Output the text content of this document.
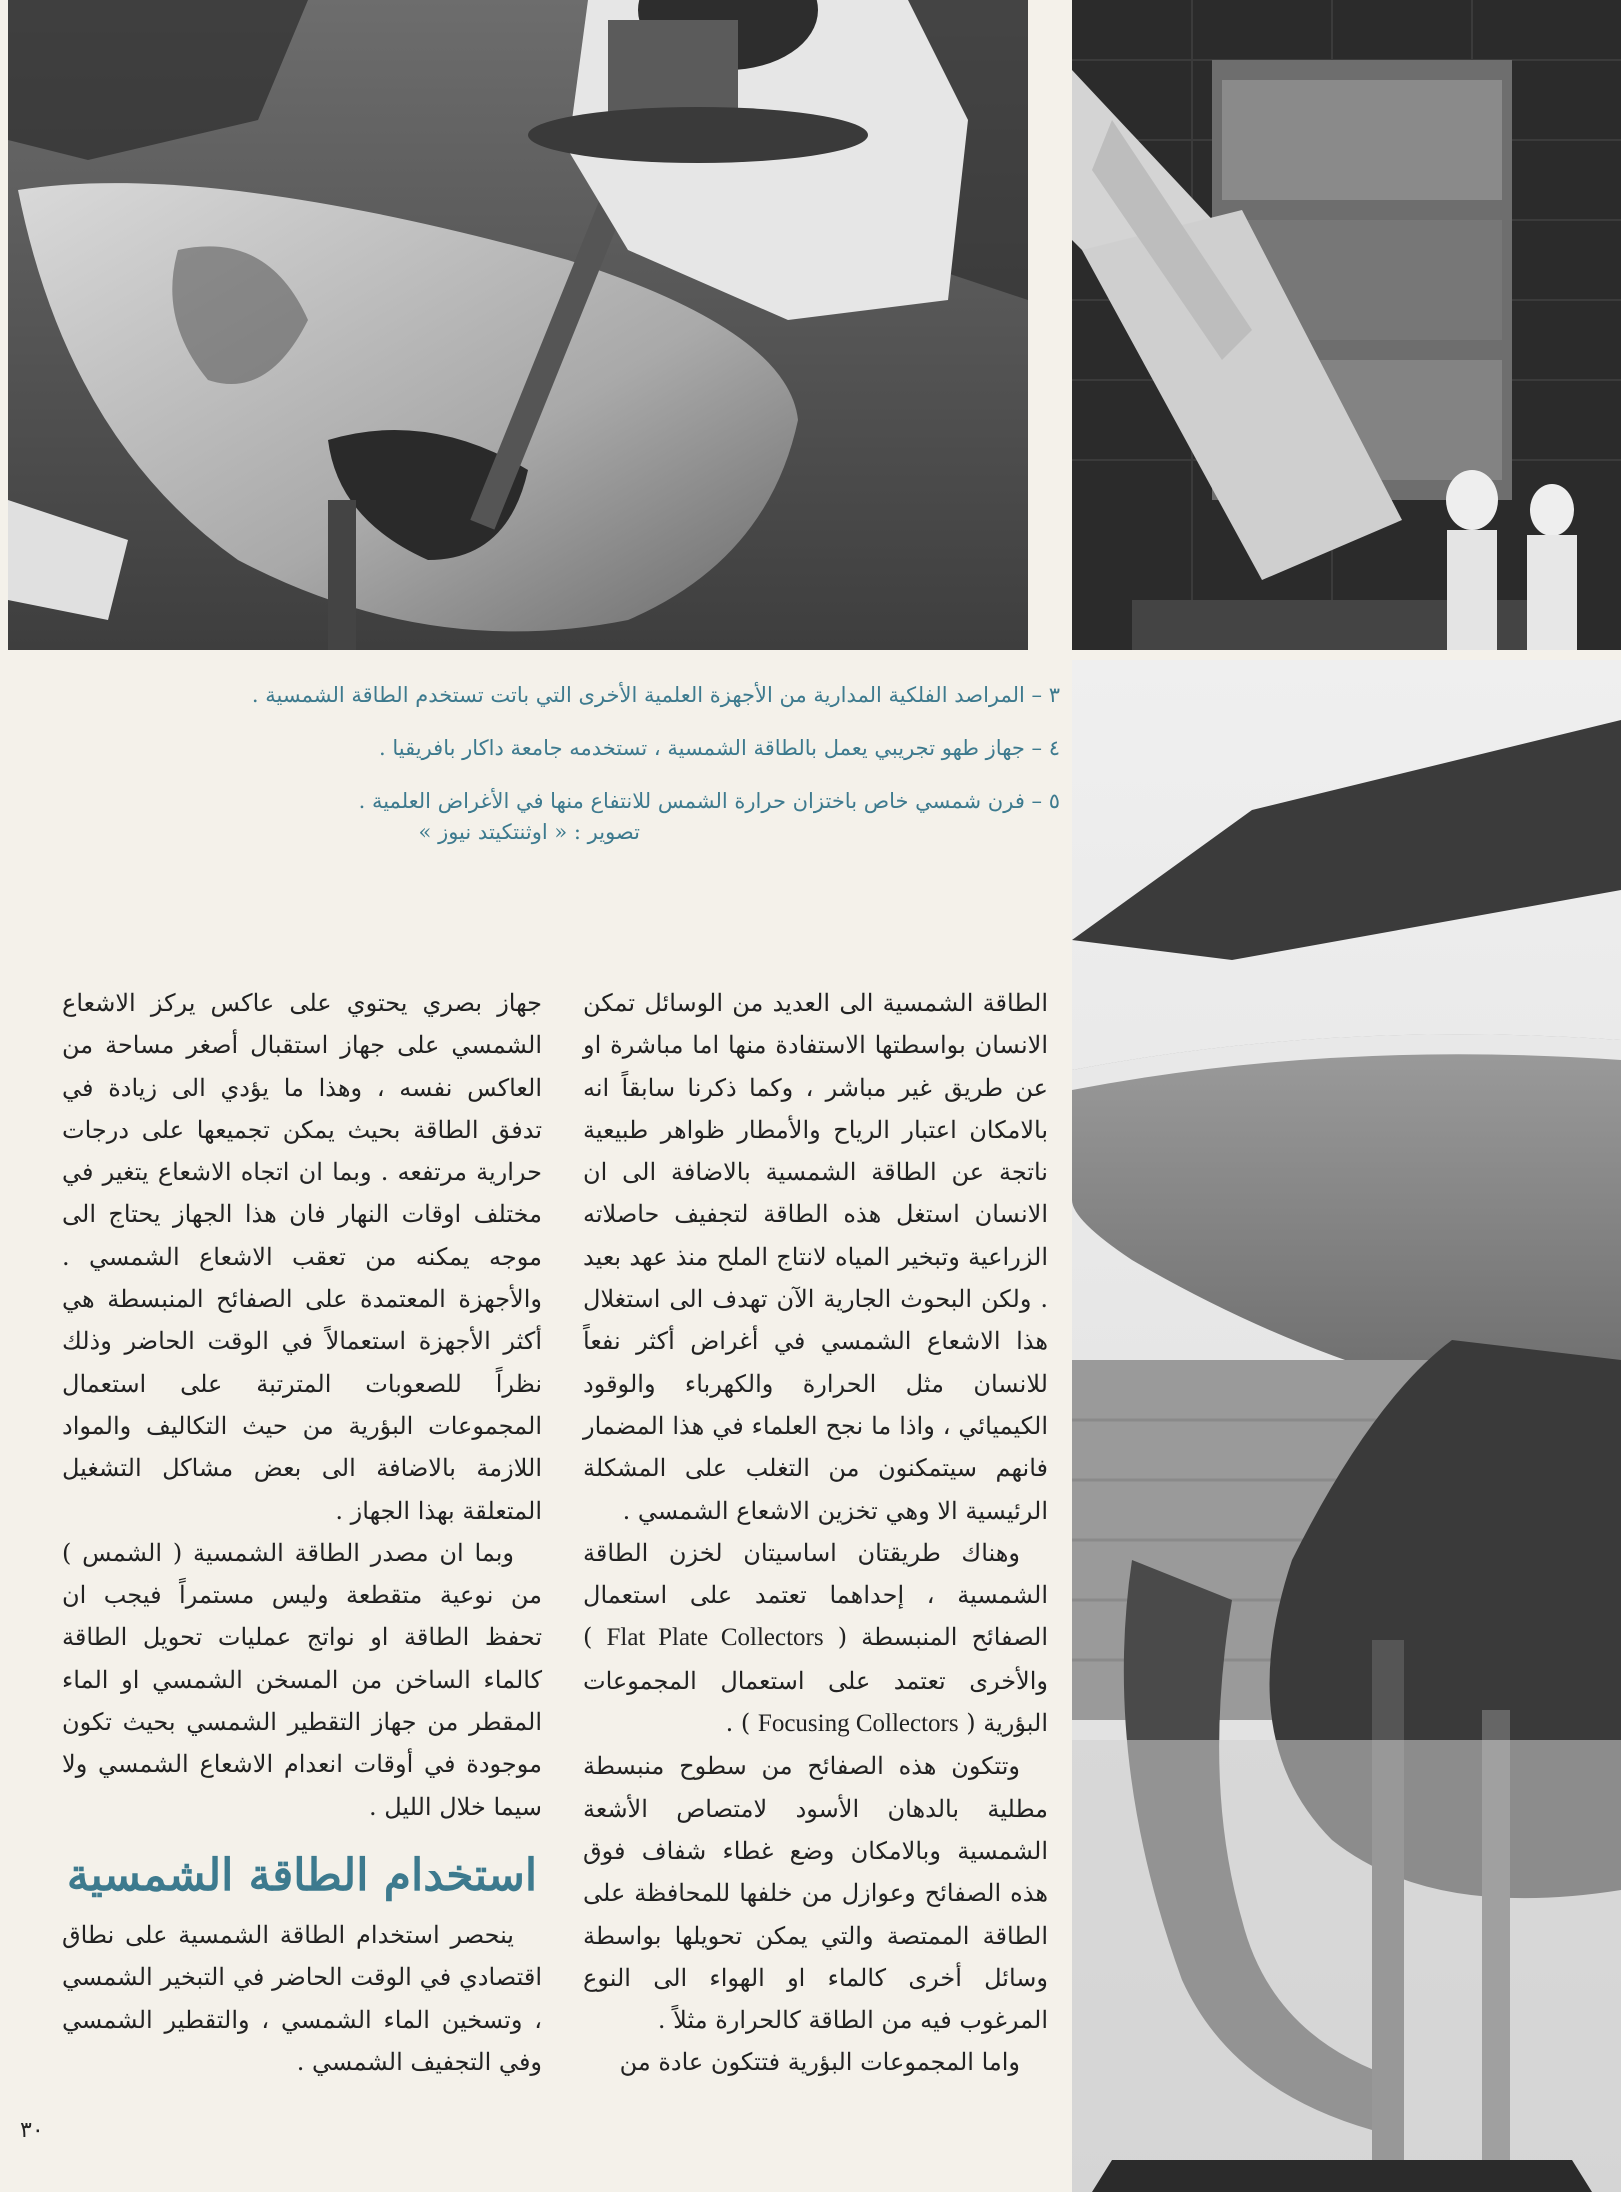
٣ – المراصد الفلكية المدارية من الأجهزة العلمية الأخرى التي باتت تستخدم الطاقة الشمسية .

٤ – جهاز طهو تجريبي يعمل بالطاقة الشمسية ، تستخدمه جامعة داكار بافريقيا .

٥ – فرن شمسي خاص باختزان حرارة الشمس للانتفاع منها في الأغراض العلمية .

تصوير : « اوثنتكيتد نيوز »

الطاقة الشمسية الى العديد من الوسائل تمكن الانسان بواسطتها الاستفادة منها اما مباشرة او عن طريق غير مباشر ، وكما ذكرنا سابقاً انه بالامكان اعتبار الرياح والأمطار ظواهر طبيعية ناتجة عن الطاقة الشمسية بالاضافة الى ان الانسان استغل هذه الطاقة لتجفيف حاصلاته الزراعية وتبخير المياه لانتاج الملح منذ عهد بعيد . ولكن البحوث الجارية الآن تهدف الى استغلال هذا الاشعاع الشمسي في أغراض أكثر نفعاً للانسان مثل الحرارة والكهرباء والوقود الكيميائي ، واذا ما نجح العلماء في هذا المضمار فانهم سيتمكنون من التغلب على المشكلة الرئيسية الا وهي تخزين الاشعاع الشمسي .

وهناك طريقتان اساسيتان لخزن الطاقة الشمسية ، إحداهما تعتمد على استعمال الصفائح المنبسطة ( Flat Plate Collectors ) والأخرى تعتمد على استعمال المجموعات البؤرية ( Focusing Collectors ) .

وتتكون هذه الصفائح من سطوح منبسطة مطلية بالدهان الأسود لامتصاص الأشعة الشمسية وبالامكان وضع غطاء شفاف فوق هذه الصفائح وعوازل من خلفها للمحافظة على الطاقة الممتصة والتي يمكن تحويلها بواسطة وسائل أخرى كالماء او الهواء الى النوع المرغوب فيه من الطاقة كالحرارة مثلاً .

واما المجموعات البؤرية فتتكون عادة من

جهاز بصري يحتوي على عاكس يركز الاشعاع الشمسي على جهاز استقبال أصغر مساحة من العاكس نفسه ، وهذا ما يؤدي الى زيادة في تدفق الطاقة بحيث يمكن تجميعها على درجات حرارية مرتفعه . وبما ان اتجاه الاشعاع يتغير في مختلف اوقات النهار فان هذا الجهاز يحتاج الى موجه يمكنه من تعقب الاشعاع الشمسي . والأجهزة المعتمدة على الصفائح المنبسطة هي أكثر الأجهزة استعمالاً في الوقت الحاضر وذلك نظراً للصعوبات المترتبة على استعمال المجموعات البؤرية من حيث التكاليف والمواد اللازمة بالاضافة الى بعض مشاكل التشغيل المتعلقة بهذا الجهاز .

وبما ان مصدر الطاقة الشمسية ( الشمس ) من نوعية متقطعة وليس مستمراً فيجب ان تحفظ الطاقة او نواتج عمليات تحويل الطاقة كالماء الساخن من المسخن الشمسي او الماء المقطر من جهاز التقطير الشمسي بحيث تكون موجودة في أوقات انعدام الاشعاع الشمسي ولا سيما خلال الليل .

استخدام الطاقة الشمسية

ينحصر استخدام الطاقة الشمسية على نطاق اقتصادي في الوقت الحاضر في التبخير الشمسي ، وتسخين الماء الشمسي ، والتقطير الشمسي وفي التجفيف الشمسي .

٣٠
